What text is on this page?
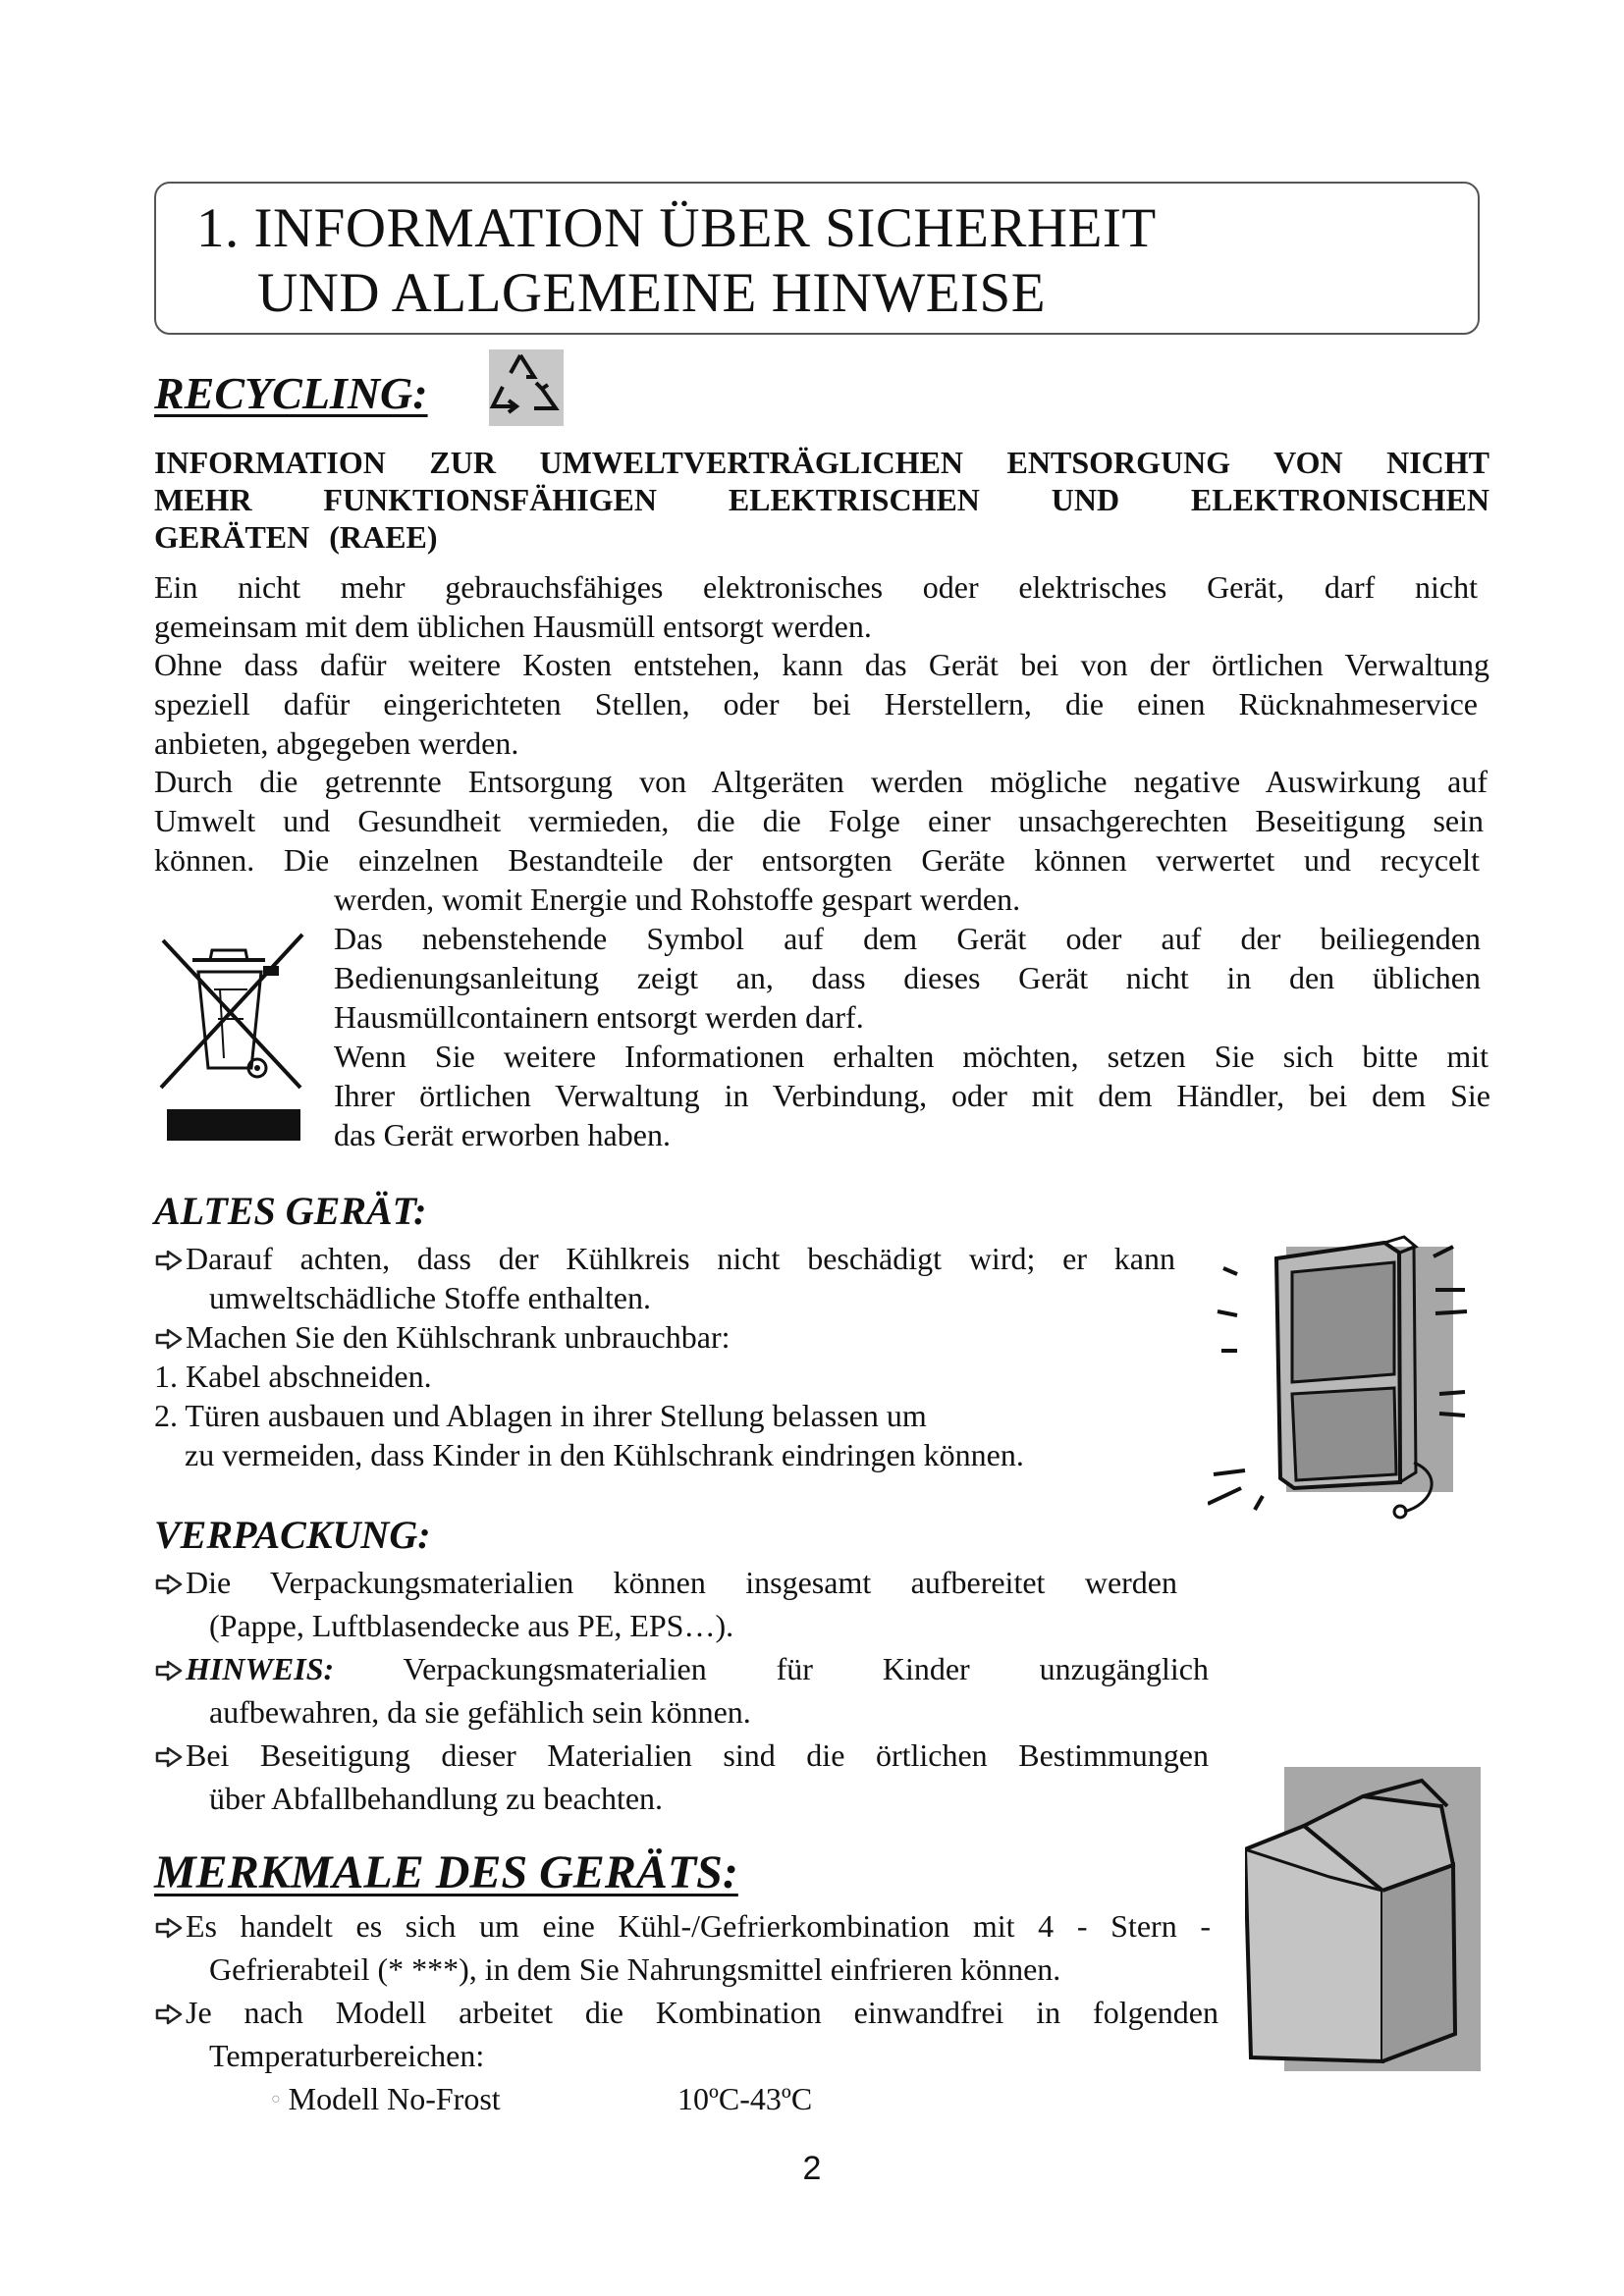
1. INFORMATION ÜBER SICHERHEIT
UND ALLGEMEINE HINWEISE
RECYCLING:
INFORMATION ZUR UMWELTVERTRÄGLICHEN ENTSORGUNG VON NICHT
MEHR FUNKTIONSFÄHIGEN ELEKTRISCHEN UND ELEKTRONISCHEN
GERÄTEN (RAEE)
Ein nicht mehr gebrauchsfähiges elektronisches oder elektrisches Gerät, darf nicht
gemeinsam mit dem üblichen Hausmüll entsorgt werden.
Ohne dass dafür weitere Kosten entstehen, kann das Gerät bei von der örtlichen Verwaltung
speziell dafür eingerichteten Stellen, oder bei Herstellern, die einen Rücknahmeservice
anbieten, abgegeben werden.
Durch die getrennte Entsorgung von Altgeräten werden mögliche negative Auswirkung auf
Umwelt und Gesundheit vermieden, die die Folge einer unsachgerechten Beseitigung sein
können. Die einzelnen Bestandteile der entsorgten Geräte können verwertet und recycelt
werden, womit Energie und Rohstoffe gespart werden.
Das nebenstehende Symbol auf dem Gerät oder auf der beiliegenden
Bedienungsanleitung zeigt an, dass dieses Gerät nicht in den üblichen
Hausmüllcontainern entsorgt werden darf.
Wenn Sie weitere Informationen erhalten möchten, setzen Sie sich bitte mit
Ihrer örtlichen Verwaltung in Verbindung, oder mit dem Händler, bei dem Sie
das Gerät erworben haben.
ALTES GERÄT:
Darauf achten, dass der Kühlkreis nicht beschädigt wird; er kann
umweltschädliche Stoffe enthalten.
Machen Sie den Kühlschrank unbrauchbar:
1. Kabel abschneiden.
2. Türen ausbauen und Ablagen in ihrer Stellung belassen um
zu vermeiden, dass Kinder in den Kühlschrank eindringen können.
VERPACKUNG:
Die Verpackungsmaterialien können insgesamt aufbereitet werden
(Pappe, Luftblasendecke aus PE, EPS…).
HINWEIS: Verpackungsmaterialien für Kinder unzugänglich
aufbewahren, da sie gefählich sein können.
Bei Beseitigung dieser Materialien sind die örtlichen Bestimmungen
über Abfallbehandlung zu beachten.
MERKMALE DES GERÄTS:
Es handelt es sich um eine Kühl-/Gefrierkombination mit 4 - Stern -
Gefrierabteil (* ***), in dem Sie Nahrungsmittel einfrieren können.
Je nach Modell arbeitet die Kombination einwandfrei in folgenden
Temperaturbereichen:
○ Modell No-Frost	10ºC-43ºC
2
